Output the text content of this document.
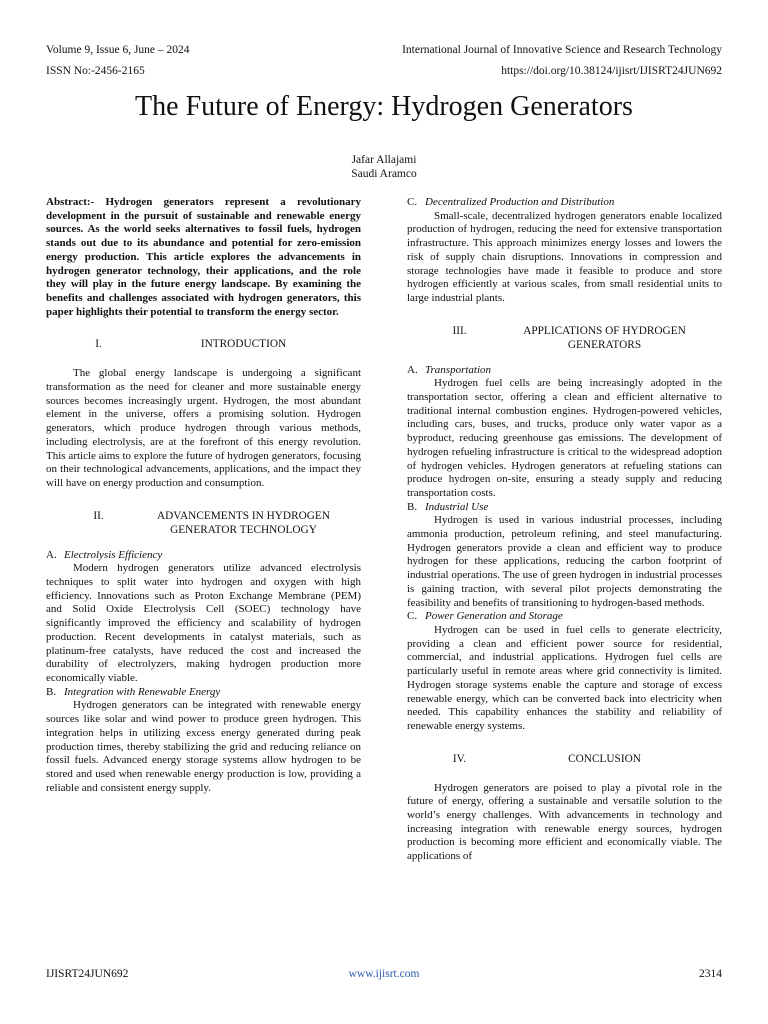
Volume 9, Issue 6, June – 2024	International Journal of Innovative Science and Research Technology
ISSN No:-2456-2165	https://doi.org/10.38124/ijisrt/IJISRT24JUN692
The Future of Energy: Hydrogen Generators
Jafar Allajami
Saudi Aramco

Abstract:- Hydrogen generators represent a revolutionary development in the pursuit of sustainable and renewable energy sources. As the world seeks alternatives to fossil fuels, hydrogen stands out due to its abundance and potential for zero-emission energy production. This article explores the advancements in hydrogen generator technology, their applications, and the role they will play in the future energy landscape. By examining the benefits and challenges associated with hydrogen generators, this paper highlights their potential to transform the energy sector.

I.	INTRODUCTION

The global energy landscape is undergoing a significant transformation as the need for cleaner and more sustainable energy sources becomes increasingly urgent. Hydrogen, the most abundant element in the universe, offers a promising solution. Hydrogen generators, which produce hydrogen through various methods, including electrolysis, are at the forefront of this energy revolution. This article aims to explore the future of hydrogen generators, focusing on their technological advancements, applications, and the impact they will have on energy production and consumption.

II.	ADVANCEMENTS IN HYDROGEN
GENERATOR TECHNOLOGY

A. Electrolysis Efficiency

Modern hydrogen generators utilize advanced electrolysis techniques to split water into hydrogen and oxygen with high efficiency. Innovations such as Proton Exchange Membrane (PEM) and Solid Oxide Electrolysis Cell (SOEC) technology have significantly improved the efficiency and scalability of hydrogen production. Recent developments in catalyst materials, such as platinum-free catalysts, have reduced the cost and increased the durability of electrolyzers, making hydrogen production more economically viable.

B. Integration with Renewable Energy

Hydrogen generators can be integrated with renewable energy sources like solar and wind power to produce green hydrogen. This integration helps in utilizing excess energy generated during peak production times, thereby stabilizing the grid and reducing reliance on fossil fuels. Advanced energy storage systems allow hydrogen to be stored and used when renewable energy production is low, providing a reliable and consistent energy supply.

C. Decentralized Production and Distribution

Small-scale, decentralized hydrogen generators enable localized production of hydrogen, reducing the need for extensive transportation infrastructure. This approach minimizes energy losses and lowers the risk of supply chain disruptions. Innovations in compression and storage technologies have made it feasible to produce and store hydrogen efficiently at various scales, from small residential units to large industrial plants.

III.	APPLICATIONS OF HYDROGEN
GENERATORS

A. Transportation

Hydrogen fuel cells are being increasingly adopted in the transportation sector, offering a clean and efficient alternative to traditional internal combustion engines. Hydrogen-powered vehicles, including cars, buses, and trucks, produce only water vapor as a byproduct, reducing greenhouse gas emissions. The development of hydrogen refueling infrastructure is critical to the widespread adoption of hydrogen vehicles. Hydrogen generators at refueling stations can produce hydrogen on-site, ensuring a steady supply and reducing transportation costs.

B. Industrial Use

Hydrogen is used in various industrial processes, including ammonia production, petroleum refining, and steel manufacturing. Hydrogen generators provide a clean and efficient way to produce hydrogen for these applications, reducing the carbon footprint of industrial operations. The use of green hydrogen in industrial processes is gaining traction, with several pilot projects demonstrating the feasibility and benefits of transitioning to hydrogen-based methods.

C. Power Generation and Storage

Hydrogen can be used in fuel cells to generate electricity, providing a clean and efficient power source for residential, commercial, and industrial applications. Hydrogen fuel cells are particularly useful in remote areas where grid connectivity is limited. Hydrogen storage systems enable the capture and storage of excess renewable energy, which can be converted back into electricity when needed. This capability enhances the stability and reliability of renewable energy systems.

IV.	CONCLUSION

Hydrogen generators are poised to play a pivotal role in the future of energy, offering a sustainable and versatile solution to the world’s energy challenges. With advancements in technology and increasing integration with renewable energy sources, hydrogen production is becoming more efficient and economically viable. The applications of

IJISRT24JUN692	www.ijisrt.com	2314
